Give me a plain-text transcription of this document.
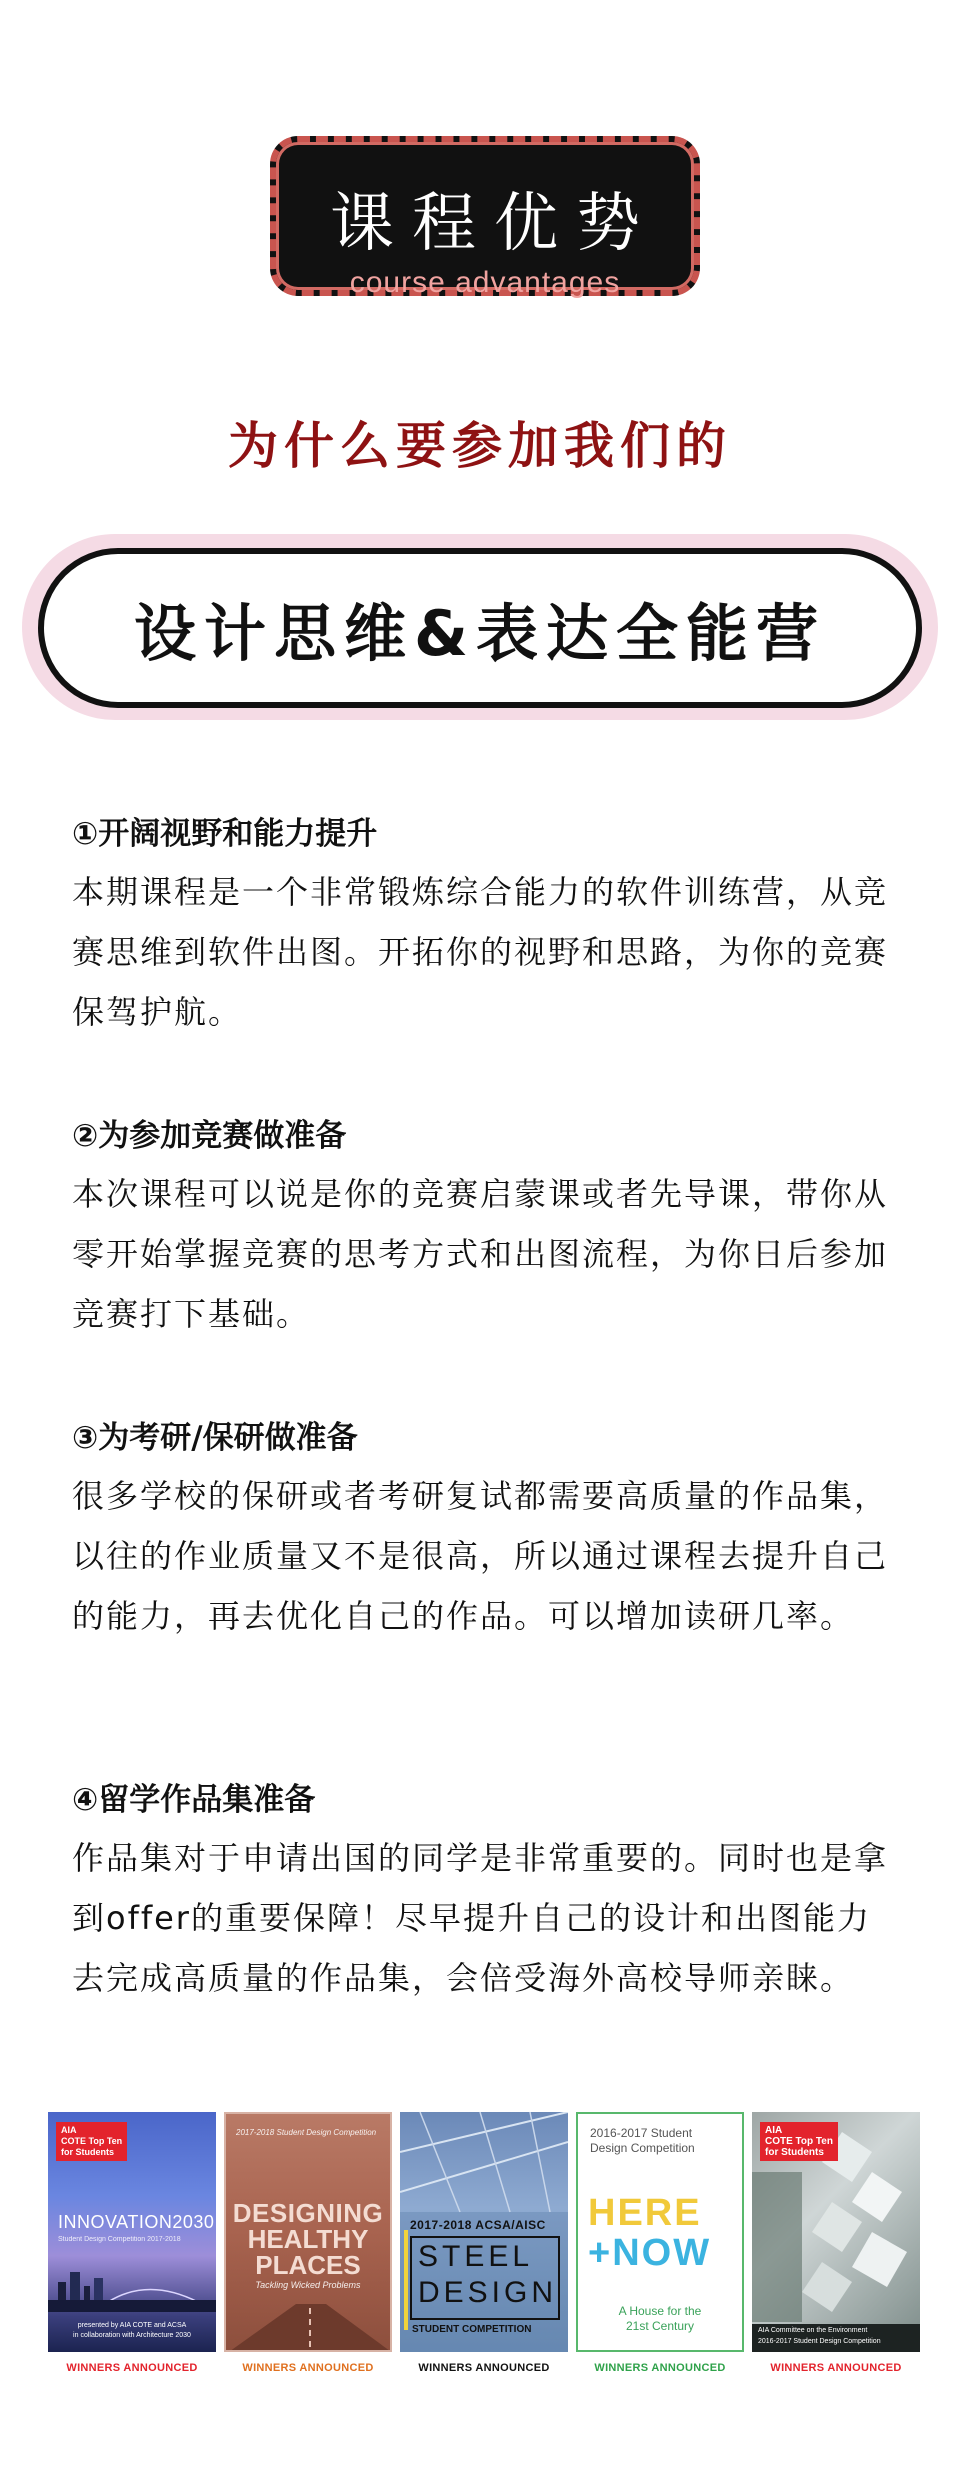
课程优势
course advantages
为什么要参加我们的
设计思维&表达全能营
①开阔视野和能力提升
本期课程是一个非常锻炼综合能力的软件训练营，从竞赛思维到软件出图。开拓你的视野和思路，为你的竞赛保驾护航。
②为参加竞赛做准备
本次课程可以说是你的竞赛启蒙课或者先导课，带你从零开始掌握竞赛的思考方式和出图流程，为你日后参加竞赛打下基础。
③为考研/保研做准备
很多学校的保研或者考研复试都需要高质量的作品集，以往的作业质量又不是很高，所以通过课程去提升自己的能力，再去优化自己的作品。可以增加读研几率。
④留学作品集准备
作品集对于申请出国的同学是非常重要的。同时也是拿到offer的重要保障！尽早提升自己的设计和出图能力去完成高质量的作品集，会倍受海外高校导师亲睐。
AIA
COTE Top Ten
for Students
INNOVATION2030
Student Design Competition 2017-2018
presented by AIA COTE and ACSA
in collaboration with Architecture 2030
WINNERS ANNOUNCED
2017-2018 Student Design Competition
DESIGNING
HEALTHY
PLACES
Tackling Wicked Problems
WINNERS ANNOUNCED
2017-2018 ACSA/AISC
STEEL
DESIGN
STUDENT COMPETITION
WINNERS ANNOUNCED
2016-2017 Student
Design Competition
HERE
+NOW
A House for the
21st Century
WINNERS ANNOUNCED
AIA
COTE Top Ten
for Students
AIA Committee on the Environment
2016-2017 Student Design Competition
WINNERS ANNOUNCED
